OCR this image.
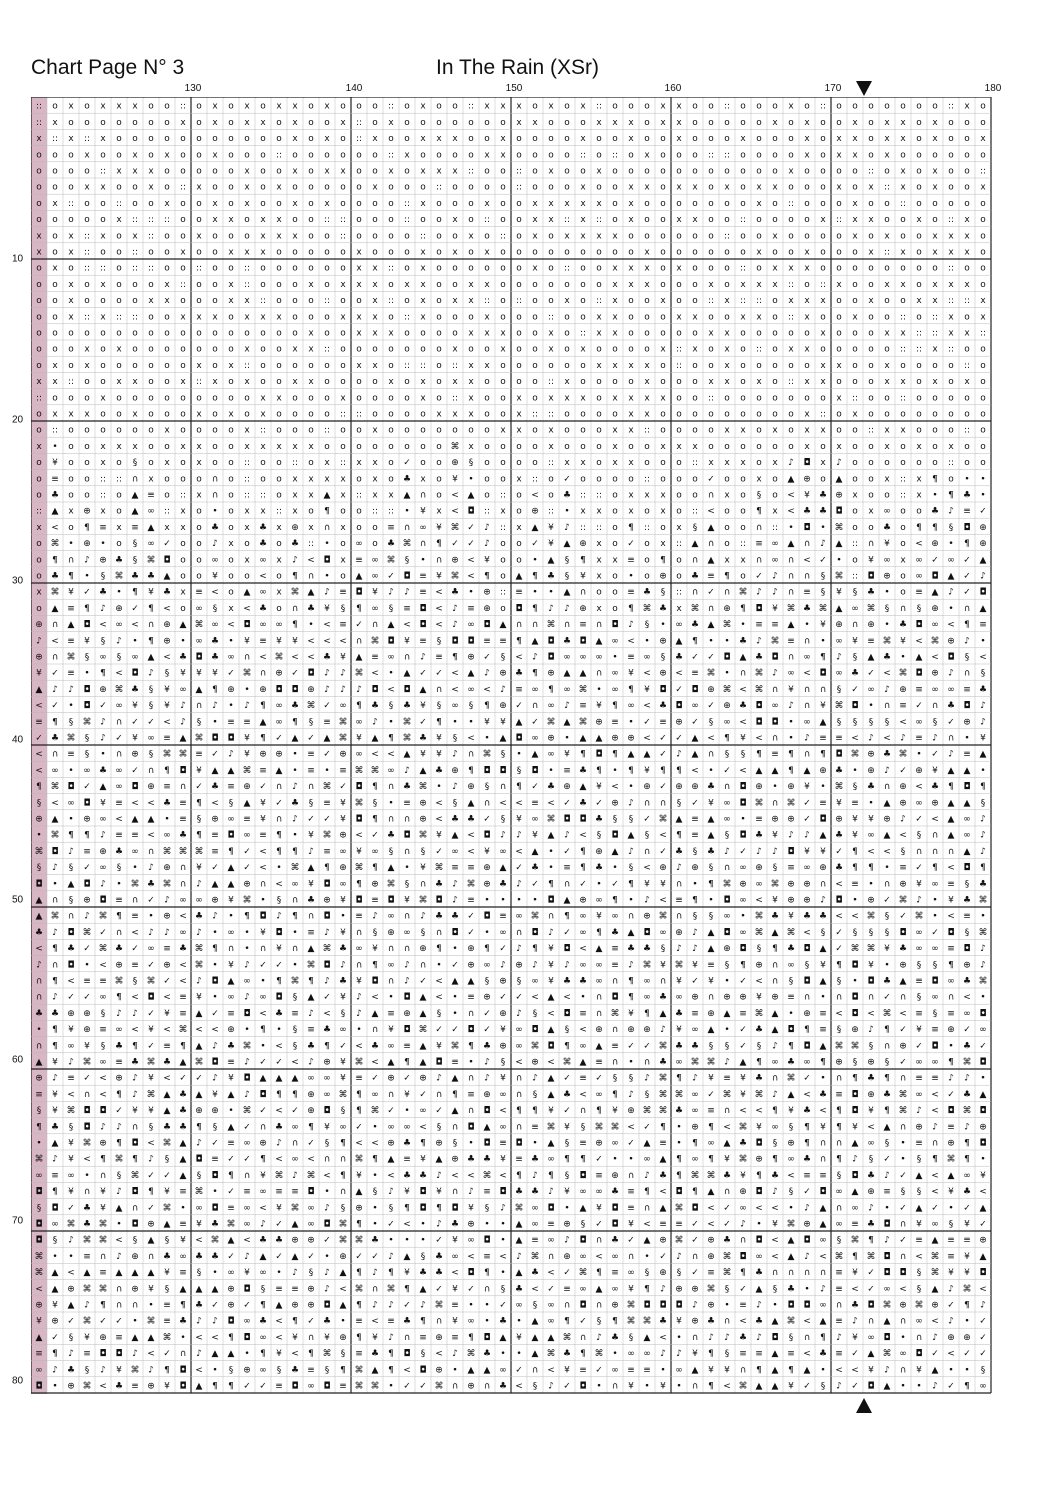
Chart Page N° 3	In The Rain (XSr)
130	140	150	160	170	180
10
20
30
40
50
60
70
80
:: o x o x x x o o :: o x o x o x x o x o o o :: o x o o :: x x x o x o x :: o o o x x o o :: o o o x o :: o o o o o o o :: x o
:: x o o o o o o o x o x o x x o x o o x :: o x o o o o o o o x x o o o x x x o x x o o o o o x o x o o x o x x o x o o o
x :: x :: x o o o o o o o o o o o x o x o :: x o o x x x o o x o o o o x o o x o o x o o o x o o o x o x x o x x o x o o x
o o o x o o x o x o o x o o o :: o o o o o o :: x o o o o x x o o o o :: o :: o x o o o :: :: o o o o x o x x o x o o o o o o
o o o o :: x x x o o o o o x o o x o x x o o x o x x x :: o o :: o x o o x o o o o o o o o o o o x o o o o :: o x o x o o ::
o o o x x o o x o :: x o o x o x o o o o o x o o o :: o o o o :: o o o x o o x x o x x o x o x x o o o x o x :: x o x o o x
o x :: o o :: o o x o o x o x o o x o x o o o o :: x o o o x o o x x x x x o x o o o o o o o x o :: o o o x o o :: o o o o o
o o o o o x :: :: :: o o x x o x x o o :: :: o o o :: o o x o :: o o x x :: x :: o x o o x x o o :: o o o o x :: x x o o x o :: x o
x o x :: x o x :: o o x o o o x x x o o :: o o o o :: o o x o :: o x o x x x x o o o o o o :: o o x o o o o x o x o o x x x o
x o x :: o o :: o o x o o x x x o o o o o x o o o x o x o x o o o o o o o o o x o o o o o o x o o x o o o x :: x o x x x o
o x o :: :: o :: :: o o :: o o :: o o o o o o x x :: o x o o o o o o x o :: o o x x x o x o o o :: o x x x o o o o o o o o :: o o
o o x o x o o o x :: o o x :: o o o x o x x x o x x o o x x o o o o o o o x x x o o o x o x x x :: o :: x o o x x o x x x o
o o x o o o o x x o o o x x :: o o o :: o o x :: o x o x x :: o :: o o x o :: x o o x o o :: x :: :: o x x x o o x o o x x :: :: x
o o x :: x :: :: o o x x x o x x x o o o x x x o :: x o o o x o o o :: o o x x o o o x x o o x x o :: x o o x o o :: o :: x o x
o o o o o o o o o o o o o o o o o x o o x x x o o o o x x x o o x o :: x x o o o o o x x o o o o o x o o o x x :: :: x x ::
o o o x o x o o o o o o o x o o x x :: o o o o o o o x o o x o o x o x o o o o x :: x o x o :: o x x o o o o o :: :: x :: o o
o x o x o o o o o o x o x :: o o o o o o x x o :: :: o :: x x o o o o o o x x x x o :: o o x o o o o o x x o o x o o o o :: o
x x :: o o x x o o x :: x o x o o x x o o o o x o x o x x o o o o :: x o o o o x o o o x x o x o :: x x o o o x x o x o x o
:: o o o x o o o o o o o o o x x o o o x o o o o x o :: x o o x o x x x o x x x x o o :: o o o o o o o x :: o o :: o o o o o
o x x x o o x o o o x o x o x o o o o :: :: o o o o x x x o o x :: :: o o o o x x o o o o o o o o o x :: o x o o o o o o o o
o :: o o o o o o x o o o o x :: o o o :: o o x o o o o o o o x x o x o o o x x :: o o o o x x o x o x x o o :: x x o o o :: o
x • o o x x x o o x x o o x x x x x o o o o o o o o ⌘ x o o o o x o o o x o o x x x o o o o o o x o x o o x o x o x o o
o ¥ o o x o § o x o x o o :: o o :: o x :: x x o ✓ o o ⊕ § o o o o :: x x o x x o o o :: x x x o x ♪ ◘ x ♪ o o o o o o :: o o
o ≡ o o :: :: ∩ x o o o ∩ o :: o o x x x x o x o ♣ x o ¥ • o o x :: o ✓ o o o o :: o o o ✓ o o x o ▲ ⊕ o ▲ o o x :: x ¶ o • •
o ♣ o o :: o ▲ ≡ o :: x ∩ o :: :: o x x ▲ x :: x x ▲ ∩ o < ▲ o :: o < o ♣ :: :: o x x x o o ∩ x o § o < ¥ ♣ ⊕ x o o :: x • ¶ ♣ •
:: ▲ x ⊕ x o ▲ ∞ :: x o • o x x :: x o ¶ o o :: :: • ¥ x < ◘ :: x o ⊕ :: • x x o x o x o :: < o o ¶ x < ♣ ♣ ◘ o x ∞ o o ♣ ♪ ≡ ✓
x < o ¶ ≡ x ≡ ▲ x x o ♣ o x ♣ x ⊕ x ∩ x o o ≡ ∩ ∞ ¥ ⌘ ✓ ♪ :: x ▲ ¥ ♪ :: :: o ¶ :: o x § ▲ o o ∩ :: • ◘ • ⌘ o o ♣ o ¶ ¶ § ◘ ⊕
o ⌘ • ⊕ • o § ∞ ✓ o o ♪ x o ♣ o ♣ :: • o ∞ o ♣ ⌘ ∩ ¶ ✓ ✓ ♪ o o ✓ ¥ ▲ ⊕ x o ✓ o x :: ▲ ∩ o :: ≡ ∞ ▲ ∩ ♪ ▲ :: ∩ ¥ o < ⊕ • ¶ ⊕
o ¶ ∩ ♪ ⊕ ♣ § ⌘ ◘ o o ∞ o x ∞ x ♪ < ◘ x ≡ ∞ ⌘ § • ∩ ⊕ < ¥ o o • ▲ § ¶ x x ≡ o ¶ o ∩ ▲ x x ∩ ∞ ∩ < ✓ • o ¥ ∞ x ∞ ✓ ∞ ✓ ▲
o ♣ ¶ • § ⌘ ♣ ♣ ▲ o o ¥ o o < o ¶ ∩ • o ▲ ∞ ✓ ◘ ≡ ¥ ⌘ < ¶ o ▲ ¶ ♣ § ¥ x o • o ⊕ o ♣ ≡ ¶ o ✓ ♪ ∩ ∩ § ⌘ :: ◘ ⊕ o ∞ ◘ ▲ ✓ ♪
x ⌘ ¥ ✓ ♣ • ¶ ¥ ♣ x ≡ < o ▲ ∞ x ⌘ ▲ ♪ ≡ ◘ ¥ ♪ ♪ ≡ < ♣ • ⊕ :: ≡ • • ▲ ∩ o o ≡ ♣ § :: ∩ ✓ ∩ ⌘ ♪ ♪ ∩ ≡ § ¥ § ♣ • o ≡ ▲ ♪ ✓ ◘
o ▲ ≡ ¶ ♪ ⊕ ✓ ¶ < o ∞ § x < ♣ o ∩ ♣ ¥ § ¶ ∞ § ≡ ◘ < ♪ ≡ ⊕ o ◘ ¶ ♪ ♪ ⊕ x o ¶ ⌘ ♣ x ⌘ ∩ ⊕ ¶ ◘ ¥ ⌘ ♣ ⌘ ▲ ∞ ⌘ § ∩ § ⊕ • ∩ ▲
⊕ ∩ ▲ ◘ < ∞ < ∩ ⊕ ▲ ⌘ ∞ < ◘ ∞ ∞ ¶ • < ≡ ✓ ∩ ▲ < ◘ < ♪ ∞ ◘ ▲ ∩ ∩ ⌘ ∩ ≡ ∩ ◘ ♪ § • ∞ ♣ ▲ ⌘ • ≡ ≡ ▲ • ¥ ⊕ ∩ ⊕ • ♣ ◘ ∞ < ¶ ≡
♪ < ≡ ¥ § ♪ • ¶ ⊕ • ∞ ♣ • ¥ ≡ ¥ ¥ < < < ∩ ⌘ ◘ ¥ ≡ § ◘ ◘ ≡ ≡ ¶ ▲ ◘ ♣ ◘ ▲ ∞ < • ⊕ ▲ ¶ • • ♣ ♪ ⌘ ≡ ∩ • ∞ ¥ ≡ ⌘ ¥ < ⌘ ⊕ ♪ •
⊕ ∩ ⌘ § ∞ § ∞ ▲ < ♣ ◘ ♣ ∞ ∩ < ⌘ < < ♣ ¥ ▲ ≡ ∞ ∩ ♪ ≡ ¶ ⊕ ✓ § < ♪ ◘ ∞ ∞ ∞ • ≡ ∞ § ♣ ✓ ✓ ◘ ▲ ♣ ◘ ∩ ∞ ¶ ♪ § ▲ ♣ • ▲ < ◘ § <
¥ ✓ ≡ • ¶ < ◘ ♪ § ¥ ¥ ¥ ✓ ⌘ ∩ ⊕ ✓ ◘ ♪ ♪ ⌘ < • ▲ ✓ ✓ < ▲ ♪ ⊕ ♣ ¶ ⊕ ▲ ▲ ∩ ∞ ¥ < ⊕ < ≡ ⌘ • ∩ ⌘ ♪ ∞ < ◘ ∞ ♣ ✓ < ⌘ ◘ ⊕ ♪ ∩ §
▲ ♪ ♪ ◘ ⊕ ⌘ ♣ § ¥ ∞ ▲ ¶ ⊕ • ⊕ ◘ ◘ ⊕ ♪ ♪ ♪ ◘ < ◘ ▲ ∩ < ∞ < ♪ ≡ ∞ ¶ ∞ ⌘ • ∞ ¶ ¥ ◘ ✓ ◘ ⊕ ⌘ < ⌘ ∩ ¥ ∩ ∩ § ✓ ∞ ♪ ⊕ ≡ ∞ ∞ ≡ ♣
< ✓ • ◘ ✓ ∞ ¥ § ¥ ♪ ∩ ♪ • ♪ ¶ ∞ ♣ ⌘ ✓ ∞ ¶ ♣ § ♣ ¥ § ∞ § ¶ ⊕ ✓ ∩ ∞ ♪ ≡ ¥ ¶ ∞ < ♣ ◘ ∞ ✓ ⊕ ♣ ◘ ∞ ♪ ∩ ¥ ⌘ ◘ • ∩ ≡ ✓ ∩ ♣ ◘ ♪
≡ ¶ § ⌘ ♪ ∩ ✓ ✓ < ♪ § • ≡ ≡ ▲ ∞ ¶ § ≡ ⌘ ∞ ♪ • ⌘ ✓ ¶ • • ¥ ¥ ▲ ✓ ⌘ ▲ ⌘ ⊕ ≡ • ✓ ≡ ⊕ ✓ § ∞ < ◘ ◘ • ∞ ▲ § § § § < ∞ § ✓ ⊕ ♪
✓ ♣ ⌘ § ♪ ✓ ¥ ∞ ≡ ▲ ⌘ ◘ ◘ ¥ ¶ ✓ ▲ ✓ ▲ ⌘ ¥ ▲ ¶ ⌘ ♣ ¥ § < • ▲ ◘ ∞ ⊕ • ▲ ▲ ⊕ ⊕ < ✓ ✓ ▲ < ¶ ¥ < ∩ • ♪ ≡ ≡ < ♪ < ♪ ≡ ♪ ∩ • ¥
< ∩ ≡ § • ∩ ⊕ § ⌘ ⌘ ≡ ✓ ♪ ¥ ⊕ ⊕ • ≡ ✓ ⊕ ∞ < < ▲ ¥ ¥ ♪ ∩ ⌘ § • ▲ ∞ ¥ ¶ ◘ ¶ ▲ ▲ ✓ ♪ ▲ ∩ § § ¶ ≡ ¶ ∩ ¶ ◘ ⌘ ⊕ ♣ ⌘ • ✓ ♪ ≡ ▲
< ∞ • ∞ ♣ ∞ ✓ ∩ ¶ ◘ ¥ ▲ ▲ ⌘ ≡ ▲ • ≡ • ≡ ⌘ ⌘ ∞ ♪ ▲ ♣ ⊕ ¶ ◘ ◘ § ◘ • ≡ ♣ ¶ • ¶ ¥ ¶ ¶ < • ✓ < ▲ ▲ ¶ ▲ ⊕ ♣ • ⊕ ♪ ✓ ⊕ ¥ ▲ ▲ •
¶ ⌘ ◘ ✓ ▲ ∞ ◘ ⊕ ≡ ∩ ✓ ♣ ≡ ⊕ ✓ ∩ ♪ ∩ ⌘ ✓ ◘ ¶ ∩ ♣ ⌘ • ♪ ⊕ § ∩ ¶ ✓ ♣ ⊕ ▲ ¥ < • ⊕ ✓ ⊕ ⊕ ♣ ∩ ◘ ⊕ • ⊕ ¥ • ⌘ § ♣ ∩ ⊕ < ♣ ¶ ◘ ¶
§ < ∞ ◘ ¥ ≡ < < ♣ ≡ ¶ < § ▲ ¥ ✓ ♣ § ≡ ¥ ⌘ § • ≡ ⊕ < § ▲ ∩ < < ≡ < ✓ ♣ ✓ ⊕ ♪ ∩ ∩ § ✓ ¥ ∞ ◘ ⌘ ∩ ⌘ ✓ ≡ ¥ ≡ • ▲ ⊕ ∞ ⊕ ▲ ▲ §
⊕ ▲ • ⊕ ∞ < ▲ ▲ • ≡ § ⊕ ∞ ≡ ¥ ∩ ♪ ✓ ✓ ¥ ◘ ¶ ∩ ∩ ⊕ < ♣ ♣ ✓ § ¥ ∞ ⌘ ◘ ◘ ♣ § § ✓ ⌘ ▲ ≡ ▲ ∞ • ≡ ⊕ ⊕ ✓ ◘ ⊕ ¥ ¥ ⊕ ♪ ✓ < ▲ ∞ ♪
• ⌘ ¶ ¶ ♪ ≡ ≡ < ∞ ♣ ¶ ≡ ◘ ∞ ≡ ¶ • ¥ ⌘ ⊕ < ✓ ♣ ◘ ⌘ ¥ ▲ < ◘ ♪ ♪ ¥ ▲ ♪ < § ◘ ▲ § < ¶ ≡ ▲ § ◘ ♣ ¥ ♪ ♪ ▲ ♣ ¥ ∞ ▲ < § ∩ ▲ ∞ ♪
⌘ ◘ ♪ ≡ ⊕ ♣ ∞ ∩ ⌘ ⌘ ⌘ ≡ ¶ ✓ < ¶ ¶ ♪ ≡ ∞ ¥ ∞ § ∩ § ✓ ∞ < ¥ ∞ < ▲ • ✓ ¶ ⊕ ▲ ♪ ∩ ✓ ♣ § ♣ ♪ ✓ ♪ ♪ ◘ ¥ ¥ ✓ ¶ < < § ∩ ∩ ∩ ▲ ♪
§ ♪ § ✓ ∞ § • ♪ ⊕ ∩ ¥ ✓ ▲ ✓ < • ⌘ ▲ ¶ ⊕ ⌘ ¶ ▲ • ¥ ⌘ ≡ ≡ ⊕ ▲ ✓ ♣ • ≡ ¶ ♣ • § < ⊕ ♪ ⊕ § ∩ ∞ ⊕ § ≡ ∞ ⊕ ♣ ¶ ¶ • ≡ ✓ ¶ < ◘ ¶
◘ • ▲ ◘ ♪ • ⌘ ♣ ⌘ ∩ ♪ ▲ ▲ ⊕ ∩ < ∞ ¥ ◘ ∞ ¶ ⊕ ⌘ § ∩ ♣ ♪ ⌘ ⊕ ♣ ♪ ✓ ¶ ∩ ✓ • ✓ ¶ ¥ ¥ ∩ • ¶ ⌘ ⊕ ∞ ⌘ ⊕ ⊕ ∩ < ≡ • ∩ ⊕ ¥ ∞ ≡ § ♣
▲ ∩ § ⊕ ◘ ≡ ∩ ✓ ♪ ∞ ∞ ⊕ ¥ ⌘ • § ∩ ♣ ⊕ ¥ ◘ ≡ ◘ ¥ ⌘ ◘ ♪ ≡ • • • • ◘ ▲ ⊕ ∞ ¶ • ♪ < ≡ ¶ • ◘ ∞ < ¥ ⊕ ⊕ ♪ ◘ • ⊕ ✓ ⌘ ♪ • ¥ ♣ ⌘
▲ ⌘ ∩ ♪ ⌘ ¶ ≡ • ⊕ < ♣ ♪ • ¶ ◘ ♪ ¶ ∩ ◘ • ≡ ♪ ∞ ∩ ♪ ♣ ♣ ✓ ◘ ≡ ∞ ⌘ ∩ ¶ ∞ ¥ ∞ ∩ ⊕ ⌘ ∩ § § ∞ • ⌘ ♣ ¥ ♣ ♣ < < ⌘ § ✓ ⌘ • < ≡ •
♣ ♪ ◘ ⌘ ✓ ∩ < ♪ ♪ ∞ ♪ • ∞ • ¥ ◘ • ≡ ♪ ¥ ∩ § ⊕ ∞ § ∩ ◘ ✓ • ∞ ∩ ◘ ♪ ✓ ∞ ¶ ♣ ▲ ◘ ∞ ⊕ ♪ ▲ ◘ ∞ ⌘ ▲ ⌘ < § ✓ § § § ◘ ∞ ✓ ◘ § ⌘
< ¶ ♣ ✓ ⌘ ♣ ✓ ∞ ≡ ♣ ⌘ ¶ ∩ • ∩ ¥ ∩ ▲ ⌘ ♣ ∞ ¥ ∩ ∩ ⊕ ¶ • ⊕ ¶ ✓ ♪ ¶ ¥ ◘ < ▲ ≡ ♣ ♣ § ♪ ♪ ▲ ⊕ ◘ § ¶ ♣ ◘ ▲ ✓ ⌘ ⌘ ¥ ♣ ∞ ∞ ≡ ◘ ♪
♪ ∩ ◘ • < ⊕ ≡ ✓ ⊕ < ⌘ • ¥ ♪ ✓ ✓ • ⌘ ◘ ♪ ∩ ¶ ∞ ♪ ∩ • ✓ ⊕ ∞ ♪ ⊕ ♪ ¥ ♪ ∞ ∞ ≡ ♪ ⌘ ¥ ⌘ ¥ ≡ § ¶ ⊕ ∩ ∞ § ¥ ¶ ◘ ¥ • ⊕ § § ¶ ⊕ ♪
∩ ¶ < ≡ ≡ ⌘ § ⌘ ✓ < ♪ ◘ ▲ ∞ • ¶ ⌘ ¶ ♪ ♣ ¥ ◘ ∩ ♪ ✓ < ▲ ▲ § ⊕ § ∞ ¥ ♣ ♣ ∞ ∩ ¶ ∞ ∩ ¥ ✓ ¥ • ✓ < ∩ § ◘ ▲ § • ◘ ♣ ▲ ≡ ◘ ∞ ♣ ⌘
∩ ♪ ✓ ✓ ∞ ¶ < ◘ < ≡ ¥ • ∞ ♪ ∞ ◘ § ▲ ✓ ¥ ♪ < • ◘ ▲ < • ≡ ⊕ ✓ ✓ < ▲ < • ∩ ◘ ¶ ∞ ♣ ∞ ⊕ ∩ ⊕ ⊕ ¥ ⊕ ≡ ∩ • ∩ ◘ ∩ ✓ ∩ § ∞ ∩ < •
♣ ♣ ⊕ ⊕ § ♪ ♪ ✓ ¥ ≡ ▲ ✓ ≡ ◘ < ♣ ≡ ♪ < § ♪ ▲ ≡ ⊕ ▲ § • ∩ ✓ ⊕ ♪ § < ◘ ≡ ∩ ⌘ ¥ ¶ ▲ ♣ ≡ ⊕ ▲ ≡ ⌘ ▲ • ⊕ ≡ < ◘ < ⌘ < ≡ § ≡ ∞ ◘
• ¶ ¥ ⊕ ≡ ∞ < ¥ < ⌘ < < ⊕ • ¶ • § ≡ ♣ ∞ • ∩ ¥ ◘ ⌘ ✓ ✓ ◘ ✓ ¥ ∞ ◘ ▲ § < ⊕ ∩ ⊕ ⊕ ♪ ¥ ∞ ▲ • ✓ ♣ ▲ ◘ ¶ ≡ § ⊕ ♪ ¶ ✓ ¥ ≡ ⊕ ✓ ∞
∩ ¶ ∞ ¥ § ♣ ¶ ✓ ≡ ¶ ▲ ♪ ♣ ⌘ • < § ♣ ¶ ✓ < ♣ ∞ ≡ ▲ ¥ ⌘ ¶ ♣ ⊕ ∞ ⌘ ◘ ¶ ∞ ▲ ≡ ✓ ✓ ⌘ ♣ ♣ § § ✓ § ♪ ¶ ◘ ▲ ⌘ ⌘ § ∩ ⊕ ✓ ◘ • ♣ ✓
▲ ¥ ♪ ⌘ ∞ ≡ ♣ ⌘ ♣ ▲ ⌘ ◘ ≡ ♪ ✓ ✓ < ♪ ⊕ ¥ ⌘ < ▲ ¶ ▲ ◘ ≡ • ♪ § < ⊕ < ⌘ ▲ ≡ ∩ • ∩ ♣ ∞ ⌘ ⌘ ♪ ▲ ¶ ∞ ♣ ∞ ¶ ⊕ § ⊕ § ✓ ∞ ∞ ¶ ⌘ ◘
⊕ ♪ ≡ ✓ < ⊕ ♪ ¥ < ✓ ✓ ♪ ¥ ◘ ▲ ▲ ▲ ∞ ∞ ¥ ≡ ✓ ⊕ ✓ ⊕ ♪ ▲ ∩ ♪ ¥ ∩ ♪ ▲ ✓ ≡ ✓ § § ♪ ⌘ ¶ ♪ ¥ ≡ ¥ ♣ ∩ ⌘ ✓ • ∩ ¶ ♣ ¶ ∩ ≡ ≡ ♪ ♪ •
≡ ¥ < ∩ < ¶ ♪ ⌘ ▲ ♣ ▲ ¥ ▲ ♪ ◘ ¶ ¶ ⊕ ∞ ⌘ ¶ ∞ ∩ ¥ ✓ ∩ ¶ ≡ ⊕ ∞ ∩ § ▲ ♣ < ∞ ¶ ♪ § ⌘ ⌘ ∞ ✓ ⌘ ¥ ⌘ ♪ ▲ < ♣ ≡ ◘ ⊕ ♣ ⌘ ∞ < ✓ ♣ ▲
§ ¥ ⌘ ◘ ◘ ✓ ¥ ¥ ▲ ♣ ⊕ ⊕ • ⌘ ✓ < ✓ ⊕ ◘ § ¶ ⌘ ✓ • ∞ ✓ ▲ ∩ ◘ < ¶ ¶ ¥ ✓ ∩ ¶ ¥ ⊕ ⌘ ⌘ ♣ ∞ ≡ ∩ < < ¶ ¥ ♣ < ¶ ◘ ¥ ¶ ⌘ ♪ < ◘ ⌘ ◘
¶ ♣ § ◘ ♪ ♪ ∩ § ♣ ♣ ¶ § ▲ ✓ ∩ ♣ ∞ ¶ ¥ ∞ ✓ • ∞ ∞ < § ∩ ◘ ▲ ∞ ∩ ≡ ⌘ ¥ § ⌘ ⌘ < ✓ ¶ • ⊕ ¶ < ⌘ ¥ ∞ § ¶ ¥ ¶ ¥ < ▲ ∩ ⊕ ♪ ≡ ♪ ⊕
• ▲ ¥ ⌘ ⊕ ¶ ◘ < ⌘ ▲ ♪ ✓ ≡ ∞ ⊕ ♪ ∩ ✓ § ¶ < < ⊕ ♣ ¶ ⊕ § • ◘ ≡ ◘ • ▲ § ≡ ⊕ ∞ ✓ ▲ ≡ • ¶ ∞ ▲ ♣ ◘ § ⊕ ¶ ∩ ∩ ▲ ∞ § • ≡ ∩ ⊕ ¶ ◘
⌘ ♪ ¥ < ¶ ⌘ ¶ ♪ § ▲ ◘ ≡ ✓ ✓ ¶ < ∞ < ∩ ∩ ⌘ ¶ ▲ ≡ ¥ ▲ ⊕ ♣ ♣ ¥ ≡ ♣ ∞ ¶ ¶ ✓ • • ∞ ▲ ¶ ∞ ¶ ¥ ⌘ ⊕ ¶ ∞ ♣ ∩ ¶ ♪ § ✓ • § ¶ ⌘ ¶ •
∞ ≡ ∞ • ∩ § ⌘ ✓ ✓ ▲ § ◘ ¶ ∩ ¥ ⌘ ♪ ⌘ < ¶ ¥ • < ♣ ♣ ♪ < < ⌘ < ¶ ♪ ¶ § ◘ ≡ ⊕ ∩ ♪ ♣ ¶ ⌘ ⌘ ♣ ¥ ¶ ♣ < ≡ ≡ § ◘ ♣ ♪ ✓ ▲ < ▲ ∞ ¥
◘ ¶ ¥ ∩ ¥ ♪ ◘ ¶ ¥ ≡ ⌘ • ✓ ≡ ∞ ≡ ≡ ◘ • ∩ ▲ § ♪ ¥ ◘ ¥ ∩ ♪ ≡ ◘ ♣ ♣ ♪ ¥ ∞ ∞ ♣ ≡ ¶ < ◘ ¶ ▲ ∩ ⊕ ◘ ♪ § ✓ ◘ ∞ ▲ ⊕ ≡ § § < ¥ ♣ <
§ ◘ ✓ ♣ ¥ ▲ ∩ ✓ ⌘ • ∞ ◘ ≡ ∞ < ¥ ⌘ ∞ ♪ § ⊕ • § ¶ ◘ ¶ ◘ ¥ § ♪ ⌘ ∞ ◘ • ▲ ¥ ◘ ≡ ∩ ▲ ⌘ ◘ < ✓ ∞ < < • ♪ ▲ ∩ ∞ ♪ • ✓ ▲ ✓ • ✓ ▲
◘ ∞ ⌘ ♣ ⌘ • ◘ ⊕ ▲ ≡ ¥ ♣ ⌘ ∞ ♪ ✓ ▲ ∞ ◘ ⌘ ¶ • ✓ < • ♪ ♣ ⊕ • • ▲ ∞ ≡ ⊕ § ✓ ◘ ¥ < ≡ ≡ ✓ < ✓ ♪ • ¥ ⌘ ⊕ ▲ ∞ ≡ ♣ ◘ ∩ ¥ ∞ § ¥ ✓
◘ § ♪ ⌘ ⌘ < § ▲ § ¥ < ⌘ ▲ < ♣ ♣ ⊕ ⊕ ✓ ⌘ ⌘ ♣ • • • ✓ ¥ ∞ ◘ • ▲ ≡ ∞ ♪ ◘ ∩ ♣ ✓ ▲ ⊕ ⌘ ✓ ⊕ ♣ ∩ ◘ < ▲ ◘ ∞ § ⌘ ¶ ♪ ✓ ≡ ▲ ≡ ≡ ⊕
⌘ • • ≡ ∩ ♪ ⊕ ∩ ♣ ∞ ♣ ♣ ✓ ♪ ▲ ✓ ▲ ✓ • ⊕ ✓ ✓ ♪ ▲ § ♣ ∞ < ≡ < ♪ ⌘ ∩ ⊕ ∞ < ∞ ∩ • ✓ ♪ ∩ ⊕ ⌘ ◘ ∞ < ▲ ♪ < ⌘ ¶ ⌘ ◘ ∩ < ⌘ ≡ ¥ ▲
⌘ ▲ < ▲ ≡ ▲ ▲ ▲ ¥ ≡ § • ∞ ¥ ∞ • ♪ § ♪ ▲ ¶ ♪ ¶ ¥ ♣ ♣ < ◘ ¶ • ▲ ♣ < ✓ ⌘ ¶ ≡ ∞ § ⊕ § ✓ ≡ ⌘ ¶ ♣ ∩ ∩ ∩ ∩ ≡ ¥ ✓ ◘ ◘ § ⌘ ¥ ¥ ◘
< ▲ ⊕ ⌘ ⌘ ∩ ⊕ ¥ § ▲ ▲ ▲ ⊕ ◘ § ≡ ≡ ⊕ ♪ < ⌘ ∩ ⌘ ¶ ▲ ✓ ¥ ✓ ∩ § ♣ < ✓ ≡ ∞ ▲ ∞ ¥ ¶ ♪ ⊕ ⊕ ⌘ § ✓ ▲ § ♣ • ♪ ≡ < ✓ ∞ < § ▲ ♪ ⌘ <
⊕ ¥ ▲ ♪ ¶ ∩ ∩ • ≡ ¶ ♣ ✓ ⊕ ✓ ¶ ▲ ⊕ ⊕ ◘ ▲ ¶ ♪ ♪ ✓ ♪ ⌘ ≡ • • ✓ ∞ § ∞ ∩ ◘ ∩ ⊕ ⌘ ◘ ◘ ◘ ♪ ⊕ • ≡ ♪ • ◘ ◘ ∞ ∩ ♣ ◘ ⌘ ⊕ ⌘ ⊕ ✓ ¶ ♪
¥ ⊕ ✓ ⌘ ✓ ✓ • ⌘ ≡ ♣ ♪ ♪ ◘ ∞ ♣ < ¶ ✓ ♣ • ≡ < ≡ ♣ ¶ ∩ ¥ ∞ • ♣ • ▲ ∞ ¶ ✓ § ¶ ⌘ ⌘ ♣ ¥ ⊕ ♣ ∩ < ♣ ▲ ⌘ < ▲ ≡ ♪ ∩ ▲ ∩ ∞ < ♪ • ✓
▲ ✓ § ¥ ⊕ ≡ ▲ ▲ ⌘ • < < ¶ ◘ ∞ < ¥ ∩ ¥ ⊕ ¶ ¥ ♪ ∩ ≡ ⊕ ≡ ¶ ◘ ▲ ¥ ▲ ▲ ⌘ ∩ ♪ ♣ § ▲ < • ∩ ♪ ♪ ♣ ♪ ◘ § ∩ ¶ ♪ ¥ ∞ ◘ • ∩ ♪ ⊕ ⊕ ✓
≡ ¶ ♪ ≡ ◘ ◘ ♪ < ✓ ∩ ♪ ▲ ▲ • ¶ ¥ < ¶ ⌘ § ≡ ♣ ¶ ◘ § < ♪ ⌘ ♣ • • ▲ ⌘ ♣ ¶ ⌘ • ∞ ∞ ♪ ♪ ¥ ¶ § ≡ ≡ ▲ ≡ < ♣ ≡ ✓ ▲ ⌘ ∞ ◘ ✓ < ✓ ✓
∞ ♪ ♣ § ♪ ¥ ⌘ ♪ ¶ ◘ < • § ⊕ ∞ § ♣ ≡ § ¶ ⌘ ▲ ¶ < ◘ ⊕ • ▲ ▲ ∞ ✓ ∩ < ¥ ≡ ✓ ∞ ≡ ≡ • ∞ ▲ ¥ ¥ ∩ ¶ ▲ ¶ ▲ • < < ¥ ♪ ∩ ¥ ▲ • • §
◘ • ⊕ ⌘ < ♣ ≡ ⊕ ¥ ◘ ▲ ¶ ¶ ✓ ✓ ≡ ◘ ∞ ◘ ≡ ⌘ ⌘ • ✓ ✓ ⌘ ∩ ⊕ ∩ ♣ < § ♪ ✓ ◘ • ∩ ¥ • ¥ • ∩ ¶ < ⌘ ▲ ▲ ¥ ✓ § ♪ ✓ ◘ ▲ • • ♪ ✓ ¶ ∞
